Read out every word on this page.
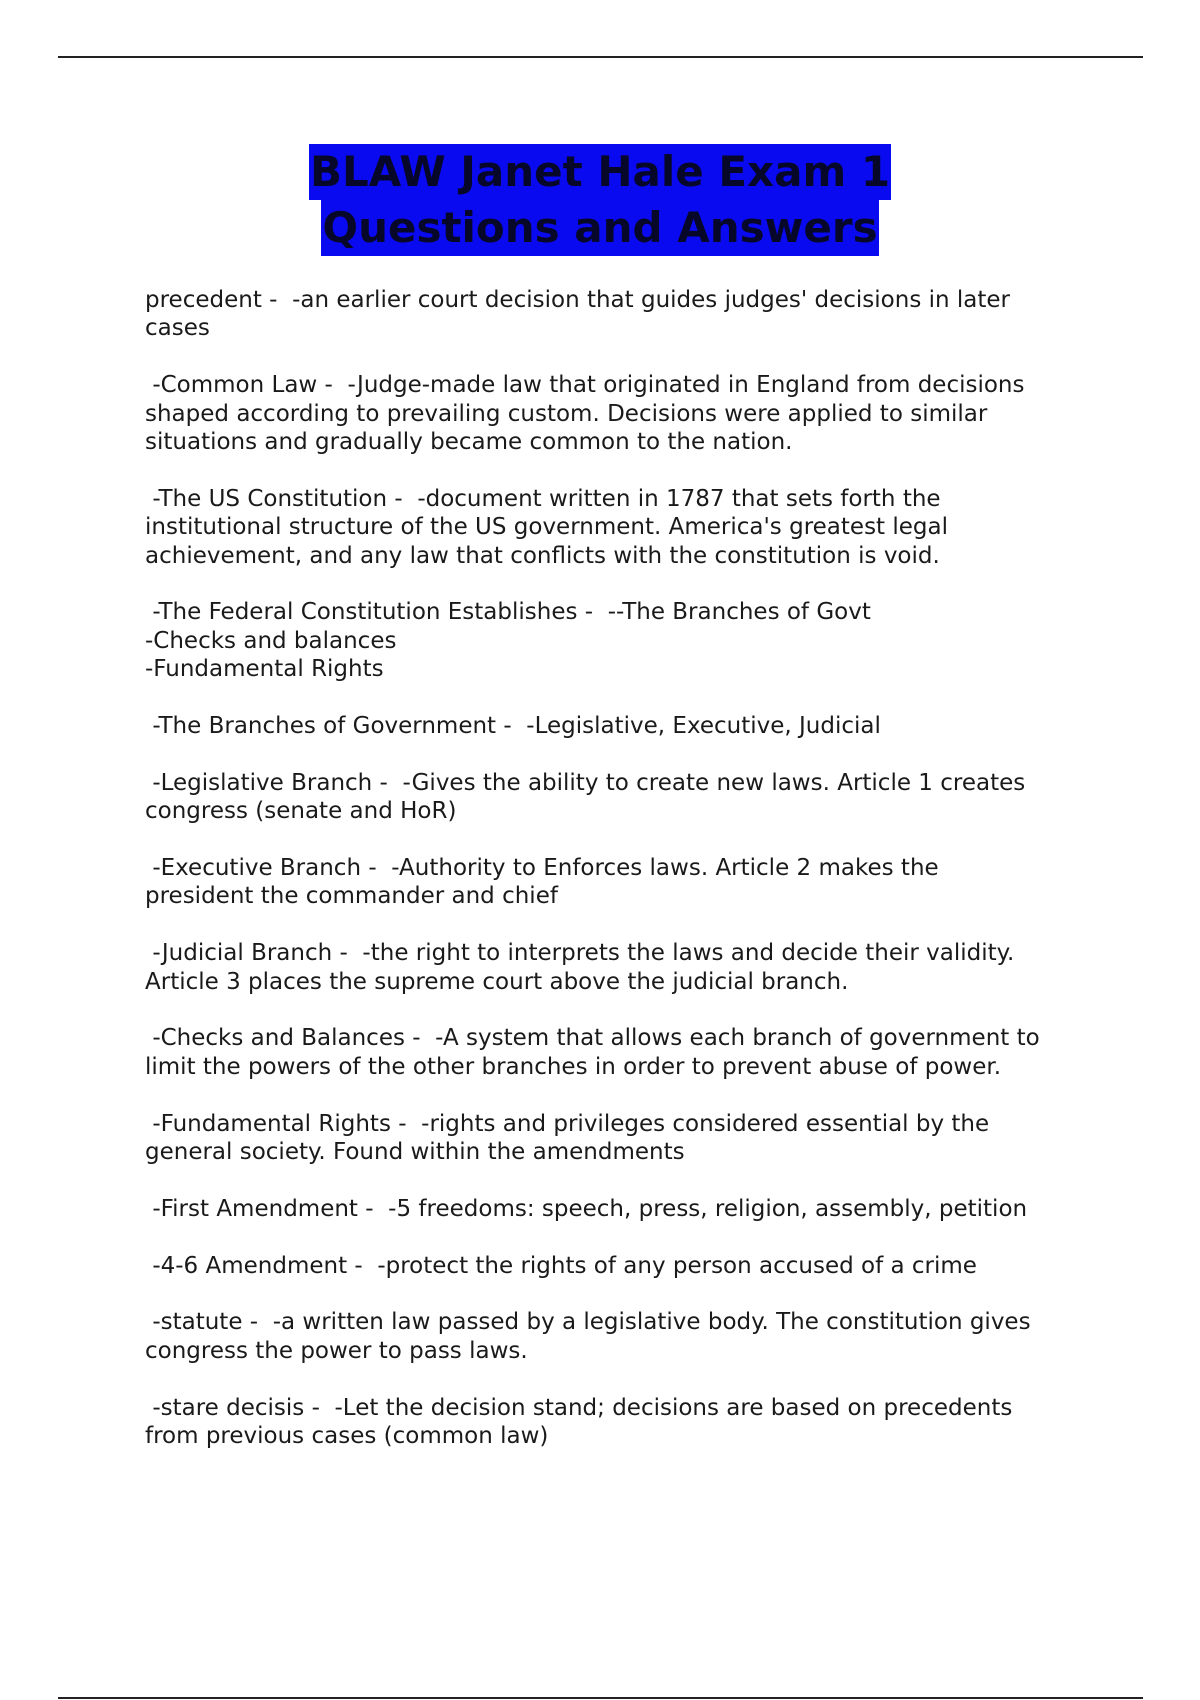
BLAW Janet Hale Exam 1
Questions and Answers
precedent -  -an earlier court decision that guides judges' decisions in later
cases
-Common Law -  -Judge-made law that originated in England from decisions
shaped according to prevailing custom. Decisions were applied to similar
situations and gradually became common to the nation.
-The US Constitution -  -document written in 1787 that sets forth the
institutional structure of the US government. America's greatest legal
achievement, and any law that conflicts with the constitution is void.
-The Federal Constitution Establishes -  --The Branches of Govt
-Checks and balances
-Fundamental Rights
-The Branches of Government -  -Legislative, Executive, Judicial
-Legislative Branch -  -Gives the ability to create new laws. Article 1 creates
congress (senate and HoR)
-Executive Branch -  -Authority to Enforces laws. Article 2 makes the
president the commander and chief
-Judicial Branch -  -the right to interprets the laws and decide their validity.
Article 3 places the supreme court above the judicial branch.
-Checks and Balances -  -A system that allows each branch of government to
limit the powers of the other branches in order to prevent abuse of power.
-Fundamental Rights -  -rights and privileges considered essential by the
general society. Found within the amendments
-First Amendment -  -5 freedoms: speech, press, religion, assembly, petition
-4-6 Amendment -  -protect the rights of any person accused of a crime
-statute -  -a written law passed by a legislative body. The constitution gives
congress the power to pass laws.
-stare decisis -  -Let the decision stand; decisions are based on precedents
from previous cases (common law)
